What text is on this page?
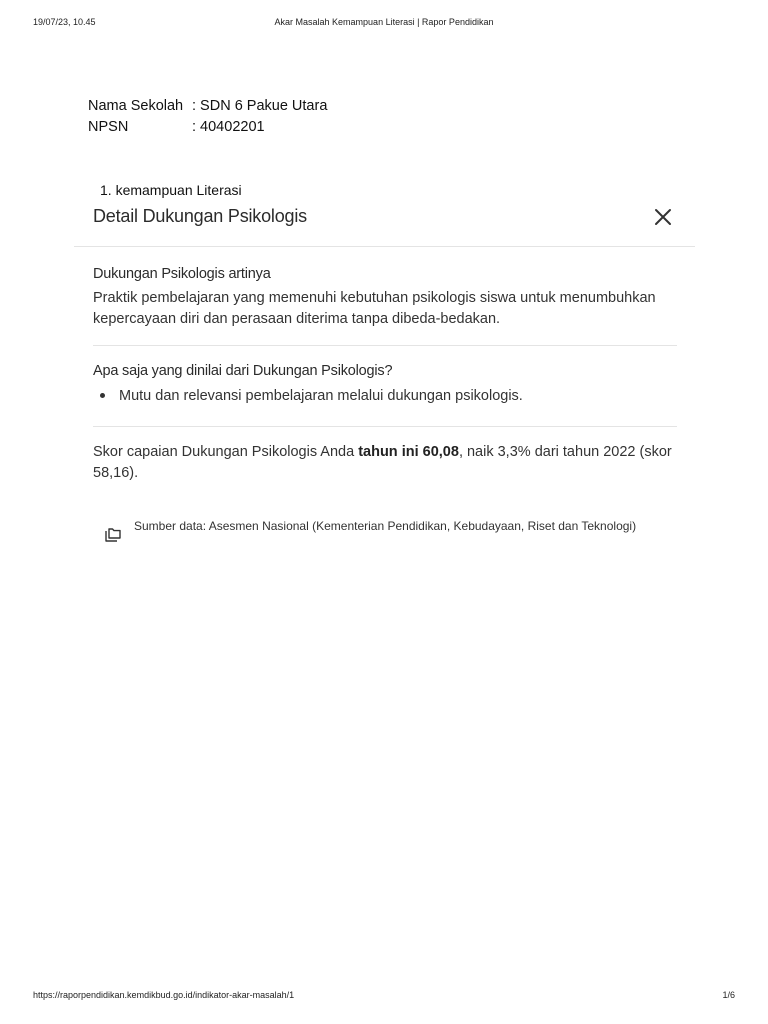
19/07/23, 10.45	Akar Masalah Kemampuan Literasi | Rapor Pendidikan
Nama Sekolah : SDN 6 Pakue Utara
NPSN	: 40402201
1. kemampuan Literasi
Detail Dukungan Psikologis
Dukungan Psikologis artinya
Praktik pembelajaran yang memenuhi kebutuhan psikologis siswa untuk menumbuhkan kepercayaan diri dan perasaan diterima tanpa dibeda-bedakan.
Apa saja yang dinilai dari Dukungan Psikologis?
Mutu dan relevansi pembelajaran melalui dukungan psikologis.
Skor capaian Dukungan Psikologis Anda tahun ini 60,08, naik 3,3% dari tahun 2022 (skor 58,16).
Sumber data: Asesmen Nasional (Kementerian Pendidikan, Kebudayaan, Riset dan Teknologi)
https://raporpendidikan.kemdikbud.go.id/indikator-akar-masalah/1	1/6
